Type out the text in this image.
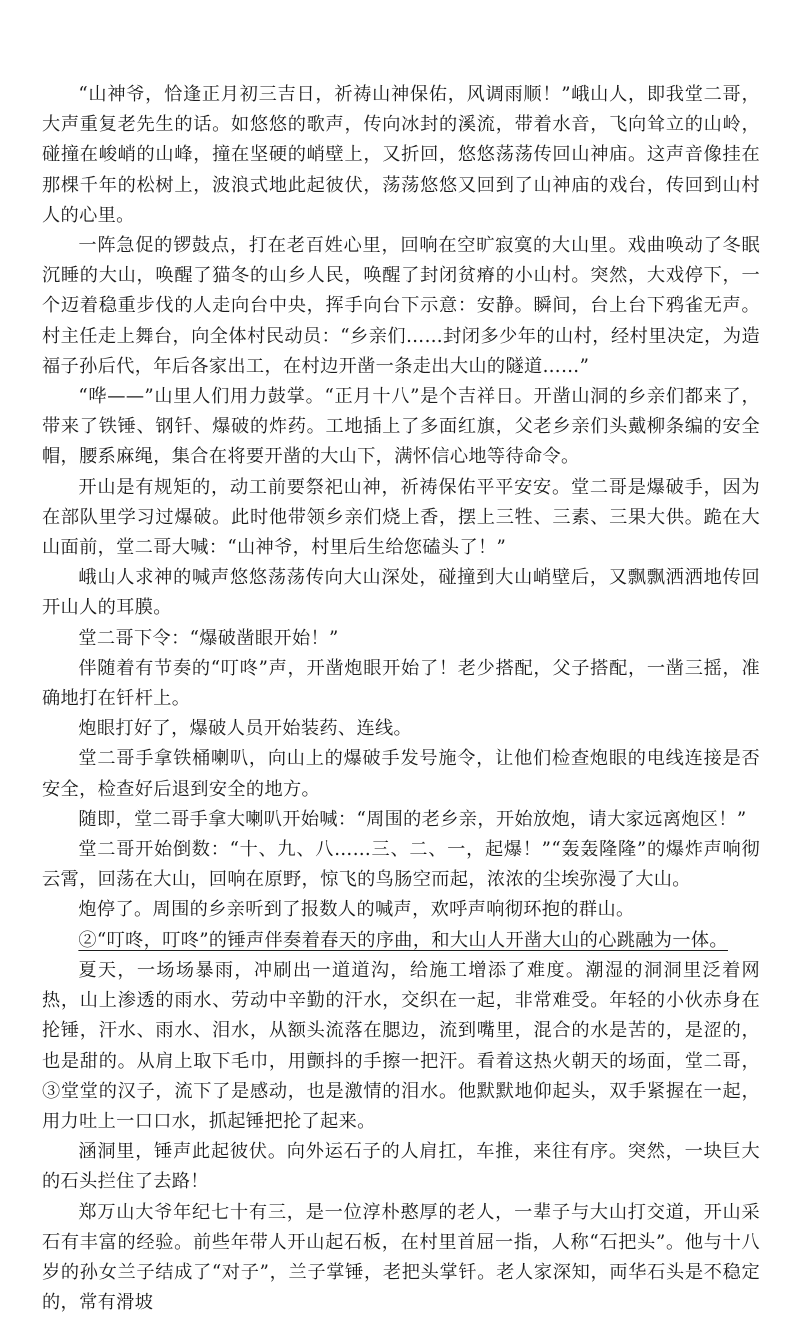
“山神爷，恰逢正月初三吉日，祈祷山神保佑，风调雨顺！”峨山人，即我堂二哥，大声重复老先生的话。如悠悠的歌声，传向冰封的溪流，带着水音，飞向耸立的山岭，碰撞在峻峭的山峰，撞在坚硬的峭壁上，又折回，悠悠荡荡传回山神庙。这声音像挂在那棵千年的松树上，波浪式地此起彼伏，荡荡悠悠又回到了山神庙的戏台，传回到山村人的心里。

一阵急促的锣鼓点，打在老百姓心里，回响在空旷寂寞的大山里。戏曲唤动了冬眠沉睡的大山，唤醒了猫冬的山乡人民，唤醒了封闭贫瘠的小山村。突然，大戏停下，一个迈着稳重步伐的人走向台中央，挥手向台下示意：安静。瞬间，台上台下鸦雀无声。村主任走上舞台，向全体村民动员：“乡亲们……封闭多少年的山村，经村里决定，为造福子孙后代，年后各家出工，在村边开凿一条走出大山的隧道……”

“哗——”山里人们用力鼓掌。“正月十八”是个吉祥日。开凿山洞的乡亲们都来了，带来了铁锤、钢钎、爆破的炸药。工地插上了多面红旗，父老乡亲们头戴柳条编的安全帽，腰系麻绳，集合在将要开凿的大山下，满怀信心地等待命令。

开山是有规矩的，动工前要祭祀山神，祈祷保佑平平安安。堂二哥是爆破手，因为在部队里学习过爆破。此时他带领乡亲们烧上香，摆上三牲、三素、三果大供。跪在大山面前，堂二哥大喊：“山神爷，村里后生给您磕头了！”

峨山人求神的喊声悠悠荡荡传向大山深处，碰撞到大山峭壁后，又飘飘洒洒地传回开山人的耳膜。

堂二哥下令：“爆破凿眼开始！”

伴随着有节奏的“叮咚”声，开凿炮眼开始了！老少搭配，父子搭配，一凿三摇，准确地打在钎杆上。

炮眼打好了，爆破人员开始装药、连线。

堂二哥手拿铁桶喇叭，向山上的爆破手发号施令，让他们检查炮眼的电线连接是否安全，检查好后退到安全的地方。

随即，堂二哥手拿大喇叭开始喊：“周围的老乡亲，开始放炮，请大家远离炮区！”

堂二哥开始倒数：“十、九、八……三、二、一，起爆！”“轰轰隆隆”的爆炸声响彻云霄，回荡在大山，回响在原野，惊飞的鸟肠空而起，浓浓的尘埃弥漫了大山。

炮停了。周围的乡亲听到了报数人的喊声，欢呼声响彻环抱的群山。

②“叮咚，叮咚”的锤声伴奏着春天的序曲，和大山人开凿大山的心跳融为一体。

夏天，一场场暴雨，冲刷出一道道沟，给施工增添了难度。潮湿的洞洞里泛着网热，山上渗透的雨水、劳动中辛勤的汗水，交织在一起，非常难受。年轻的小伙赤身在抡锤，汗水、雨水、泪水，从额头流落在腮边，流到嘴里，混合的水是苦的，是涩的，也是甜的。从肩上取下毛巾，用颤抖的手擦一把汗。看着这热火朝天的场面，堂二哥，③堂堂的汉子，流下了是感动，也是激情的泪水。他默默地仰起头，双手紧握在一起，用力吐上一口口水，抓起锤把抡了起来。

涵洞里，锤声此起彼伏。向外运石子的人肩扛，车推，来往有序。突然，一块巨大的石头拦住了去路！

郑万山大爷年纪七十有三，是一位淳朴憨厚的老人，一辈子与大山打交道，开山采石有丰富的经验。前些年带人开山起石板，在村里首屈一指，人称“石把头”。他与十八岁的孙女兰子结成了“对子”，兰子掌锤，老把头掌钎。老人家深知，両华石头是不稳定的，常有滑坡
